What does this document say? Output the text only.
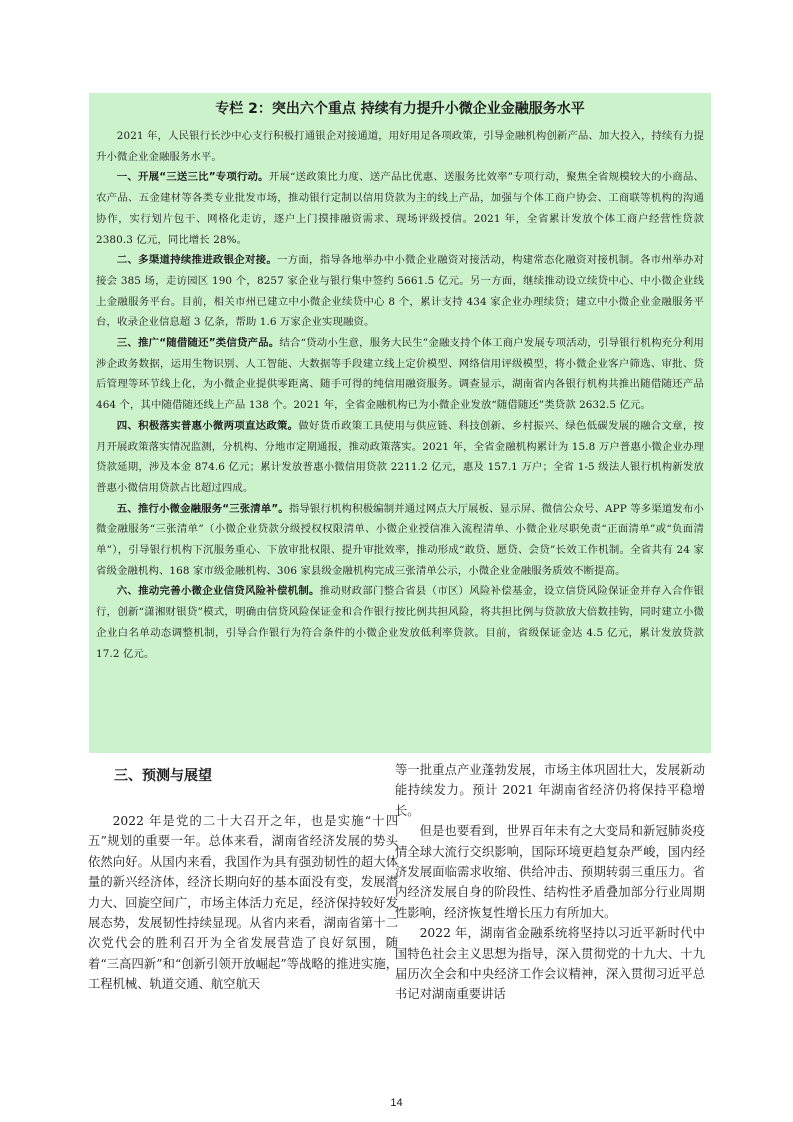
专栏 2：突出六个重点 持续有力提升小微企业金融服务水平

2021 年，人民银行长沙中心支行积极打通银企对接通道，用好用足各项政策，引导金融机构创新产品、加大投入，持续有力提升小微企业金融服务水平。

一、开展“三送三比”专项行动。开展“送政策比力度、送产品比优惠、送服务比效率”专项行动，聚焦全省规模较大的小商品、农产品、五金建材等各类专业批发市场，推动银行定制以信用贷款为主的线上产品，加强与个体工商户协会、工商联等机构的沟通协作，实行划片包干、网格化走访，逐户上门摸排融资需求、现场评级授信。2021 年，全省累计发放个体工商户经营性贷款 2380.3 亿元，同比增长 28%。

二、多渠道持续推进政银企对接。一方面，指导各地举办中小微企业融资对接活动，构建常态化融资对接机制。各市州举办对接会 385 场，走访园区 190 个，8257 家企业与银行集中签约 5661.5 亿元。另一方面，继续推动设立续贷中心、中小微企业线上金融服务平台。目前，相关市州已建立中小微企业续贷中心 8 个，累计支持 434 家企业办理续贷；建立中小微企业金融服务平台，收录企业信息超 3 亿条，帮助 1.6 万家企业实现融资。

三、推广“随借随还”类信贷产品。结合“贷动小生意，服务大民生”金融支持个体工商户发展专项活动，引导银行机构充分利用涉企政务数据，运用生物识别、人工智能、大数据等手段建立线上定价模型、网络信用评级模型，将小微企业客户筛选、审批、贷后管理等环节线上化，为小微企业提供零距离、随手可得的纯信用融资服务。调查显示，湖南省内各银行机构共推出随借随还产品 464 个，其中随借随还线上产品 138 个。2021 年，全省金融机构已为小微企业发放“随借随还”类贷款 2632.5 亿元。

四、积极落实普惠小微两项直达政策。做好货币政策工具使用与供应链、科技创新、乡村振兴、绿色低碳发展的融合文章，按月开展政策落实情况监测，分机构、分地市定期通报，推动政策落实。2021 年，全省金融机构累计为 15.8 万户普惠小微企业办理贷款延期，涉及本金 874.6 亿元；累计发放普惠小微信用贷款 2211.2 亿元，惠及 157.1 万户；全省 1-5 级法人银行机构新发放普惠小微信用贷款占比超过四成。

五、推行小微金融服务“三张清单”。指导银行机构积极编制并通过网点大厅展板、显示屏、微信公众号、APP 等多渠道发布小微金融服务“三张清单”（小微企业贷款分级授权权限清单、小微企业授信准入流程清单、小微企业尽职免责“正面清单”或“负面清单”），引导银行机构下沉服务重心、下放审批权限、提升审批效率，推动形成“敢贷、愿贷、会贷”长效工作机制。全省共有 24 家省级金融机构、168 家市级金融机构、306 家县级金融机构完成三张清单公示，小微企业金融服务质效不断提高。

六、推动完善小微企业信贷风险补偿机制。推动财政部门整合省县（市区）风险补偿基金，设立信贷风险保证金并存入合作银行，创新“潇湘财银贷”模式，明确由信贷风险保证金和合作银行按比例共担风险，将共担比例与贷款放大倍数挂钩，同时建立小微企业白名单动态调整机制，引导合作银行为符合条件的小微企业发放低利率贷款。目前，省级保证金达 4.5 亿元，累计发放贷款 17.2 亿元。

三、预测与展望

2022 年是党的二十大召开之年，也是实施“十四五”规划的重要一年。总体来看，湖南省经济发展的势头依然向好。从国内来看，我国作为具有强劲韧性的超大体量的新兴经济体，经济长期向好的基本面没有变，发展潜力大、回旋空间广，市场主体活力充足，经济保持较好发展态势，发展韧性持续显现。从省内来看，湖南省第十二次党代会的胜利召开为全省发展营造了良好氛围，随着“三高四新”和“创新引领开放崛起”等战略的推进实施，工程机械、轨道交通、航空航天

等一批重点产业蓬勃发展，市场主体巩固壮大，发展新动能持续发力。预计 2021 年湖南省经济仍将保持平稳增长。

但是也要看到，世界百年未有之大变局和新冠肺炎疫情全球大流行交织影响，国际环境更趋复杂严峻，国内经济发展面临需求收缩、供给冲击、预期转弱三重压力。省内经济发展自身的阶段性、结构性矛盾叠加部分行业周期性影响，经济恢复性增长压力有所加大。

2022 年，湖南省金融系统将坚持以习近平新时代中国特色社会主义思想为指导，深入贯彻党的十九大、十九届历次全会和中央经济工作会议精神，深入贯彻习近平总书记对湖南重要讲话

14
